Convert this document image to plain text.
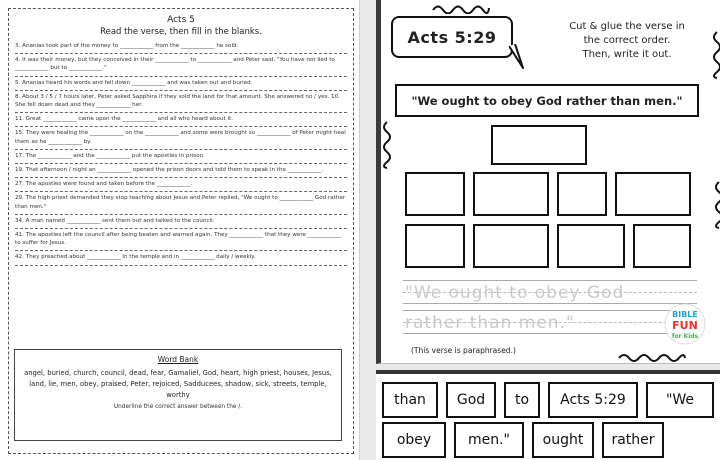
Acts 5
Read the verse, then fill in the blanks.
3. Ananias took part of the money to ____________ from the ____________ he sold.
4. It was their money, but they conceived in their ____________ to ____________ and Peter said, "You have not lied to ____________ but to ____________."
5. Ananias heard his words and fell down ____________ and was taken out and buried.
8. About 3 / 5 / 7 hours later, Peter asked Sapphira if they sold the land for that amount. She answered no / yes. 10. She fell down dead and they ____________ her.
11. Great ____________ came upon the ____________ and all who heard about it.
15. They were healing the ____________ on the ____________ and some were brought so ____________ of Peter might heal them as he ____________ by.
17. The ____________ and the ____________ put the apostles in prison.
19. That afternoon / night an ____________ opened the prison doors and told them to speak in the ____________.
27. The apostles were found and taken before the ____________.
29. The high priest demanded they stop teaching about Jesus and Peter replied, "We ought to ____________ God rather than men."
34. A man named ____________ sent them out and talked to the council.
41. The apostles left the council after being beaten and warned again. They ____________ that they were ____________ to suffer for Jesus.
42. They preached about ____________ in the temple and in ____________ daily / weekly.
Word Bank
angel, buried, church, council, dead, fear, Gamaliel, God, heart, high priest, houses, Jesus, land, lie, men, obey, praised, Peter, rejoiced, Sadducees, shadow, sick, streets, temple, worthy
Underline the correct answer between the /.
Acts 5:29
Cut & glue the verse in
the correct order.
Then, write it out.
"We ought to obey God rather than men."
"We ought to obey God
rather than men."
(This verse is paraphrased.)
BIBLE
FUN
for Kids
than	God	to	Acts 5:29	"We
obey	men."	ought	rather
